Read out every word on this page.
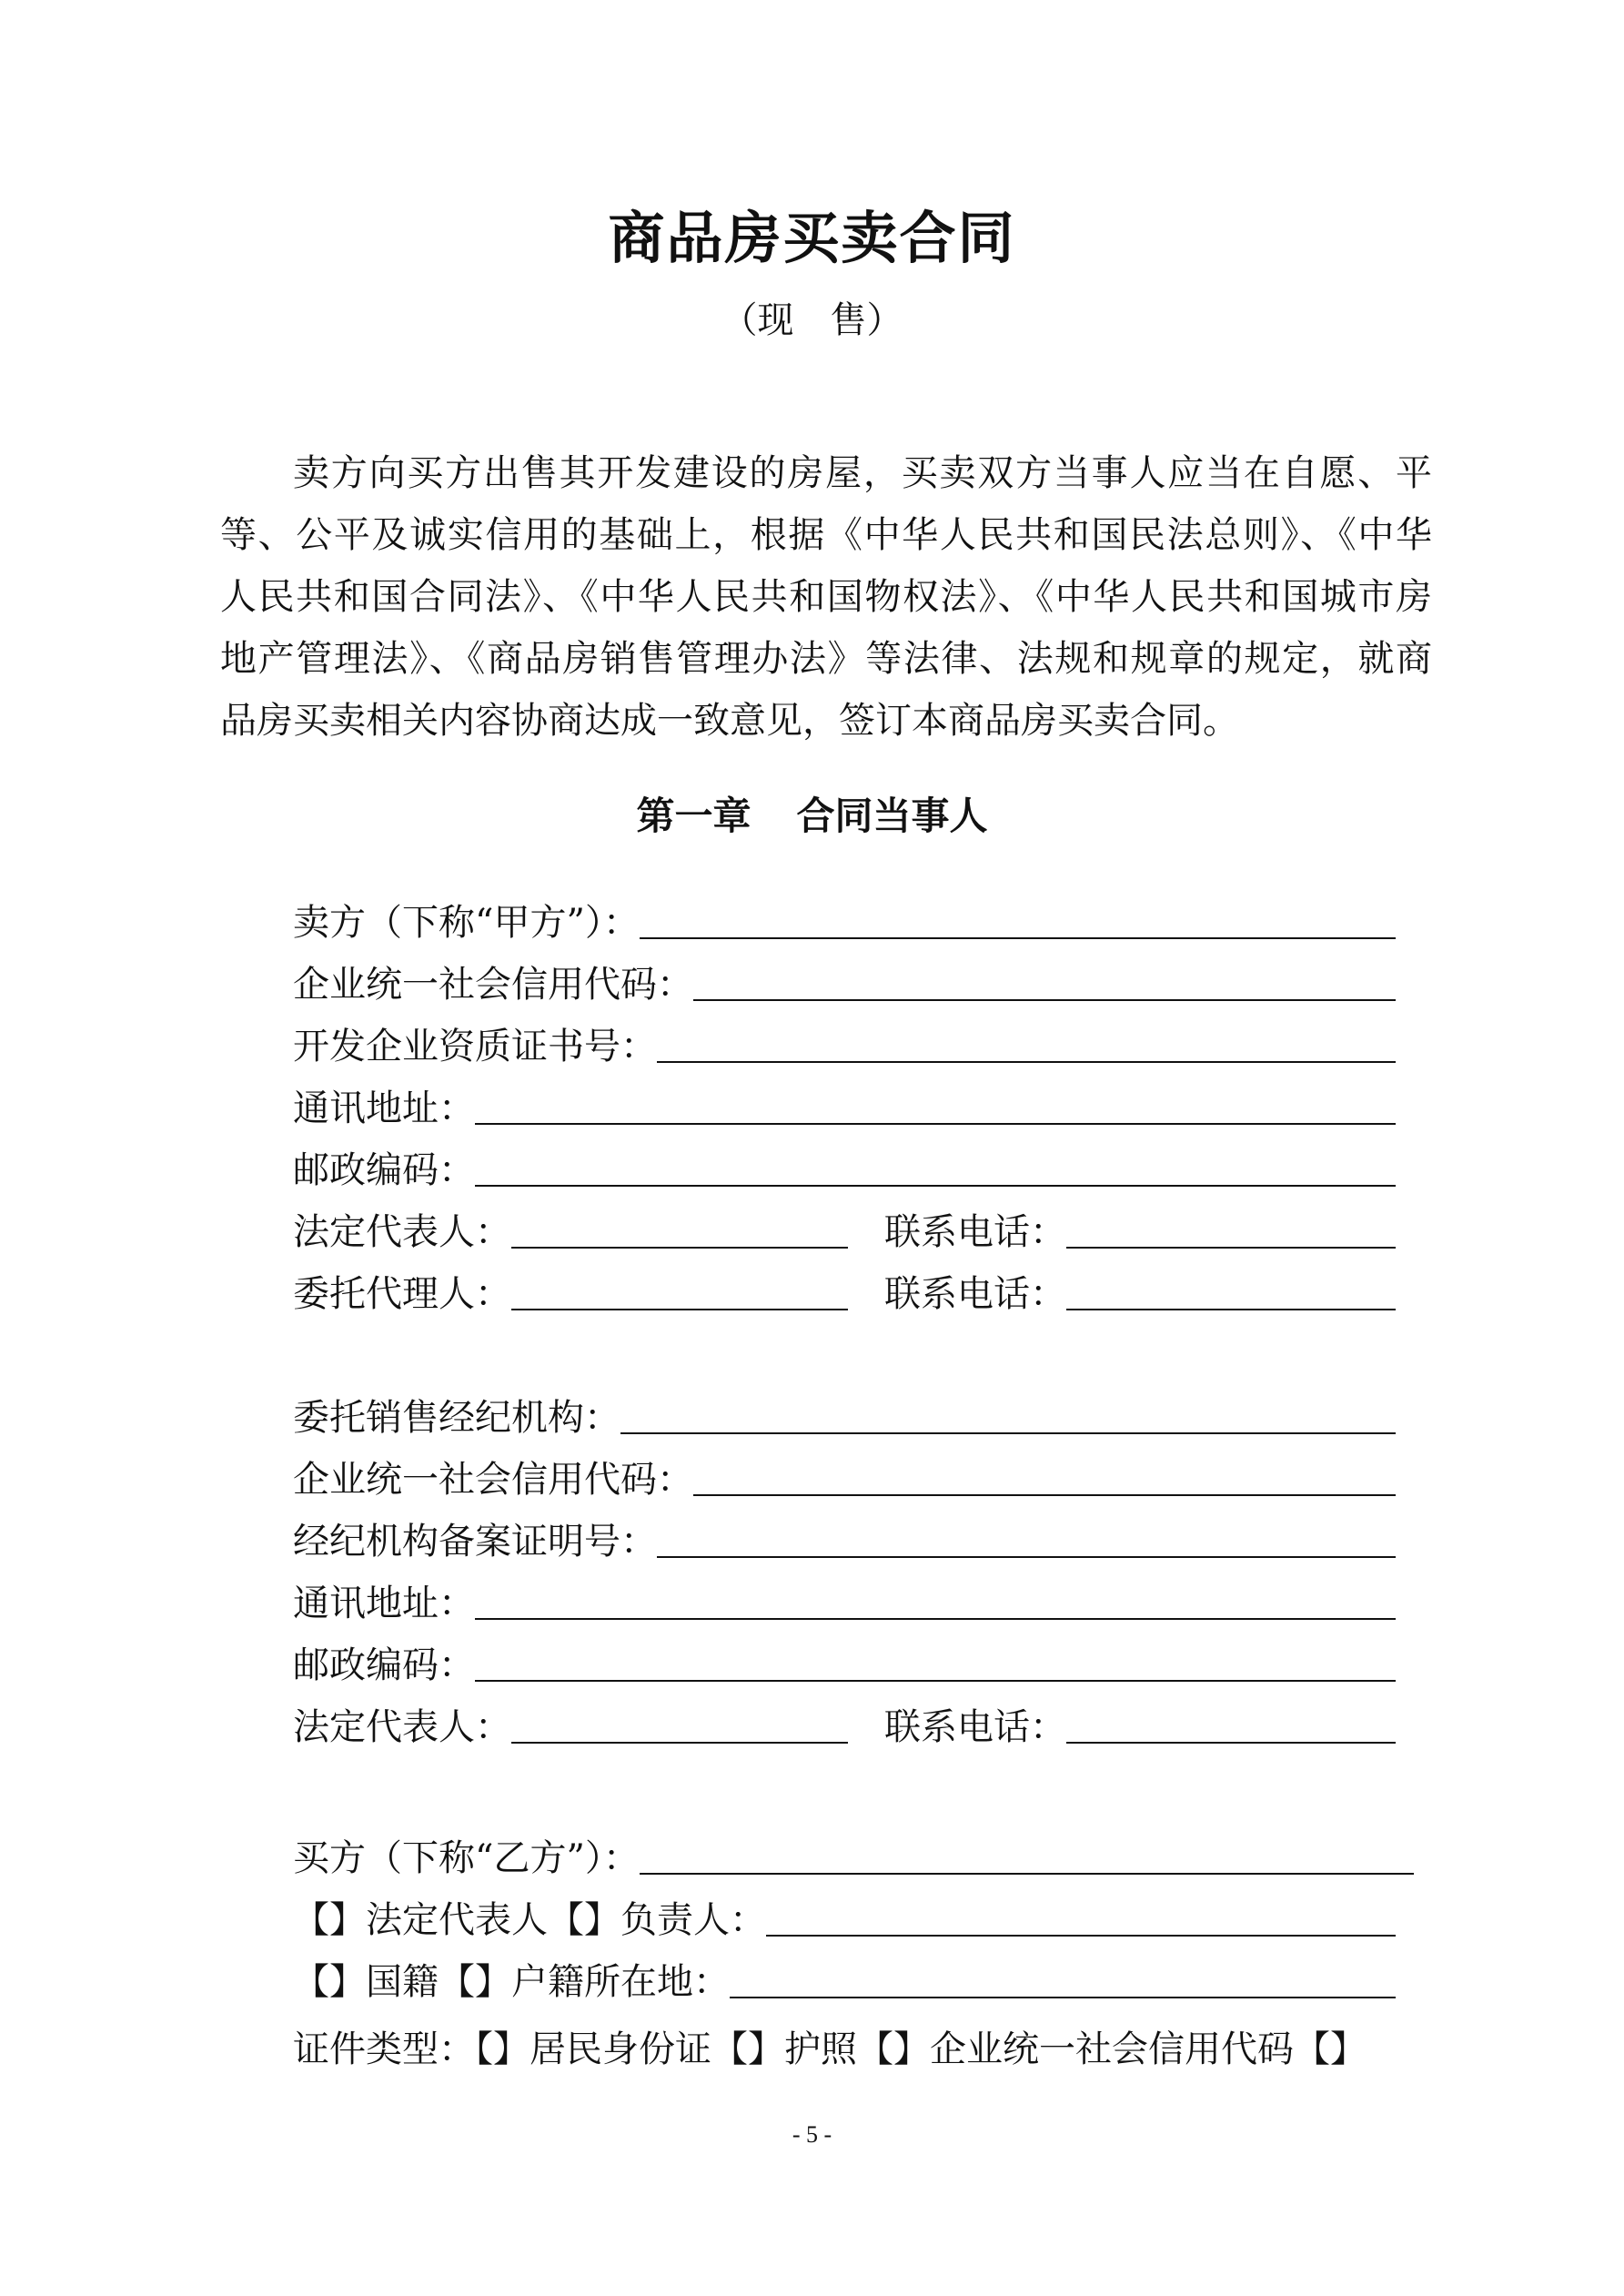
商品房买卖合同
（现　售）
卖方向买方出售其开发建设的房屋，买卖双方当事人应当在自愿、平
等、公平及诚实信用的基础上，根据《中华人民共和国民法总则》、《中华
人民共和国合同法》、《中华人民共和国物权法》、《中华人民共和国城市房
地产管理法》、《商品房销售管理办法》等法律、法规和规章的规定，就商
品房买卖相关内容协商达成一致意见，签订本商品房买卖合同。
第一章 合同当事人
卖方（下称“甲方”）：
企业统一社会信用代码：
开发企业资质证书号：
通讯地址：
邮政编码：
法定代表人：	联系电话：
委托代理人：	联系电话：
委托销售经纪机构：
企业统一社会信用代码：
经纪机构备案证明号：
通讯地址：
邮政编码：
法定代表人：	联系电话：
买方（下称“乙方”）：
【】法定代表人【】负责人：
【】国籍【】户籍所在地：
证件类型：【】居民身份证【】护照【】企业统一社会信用代码【】
- 5 -
